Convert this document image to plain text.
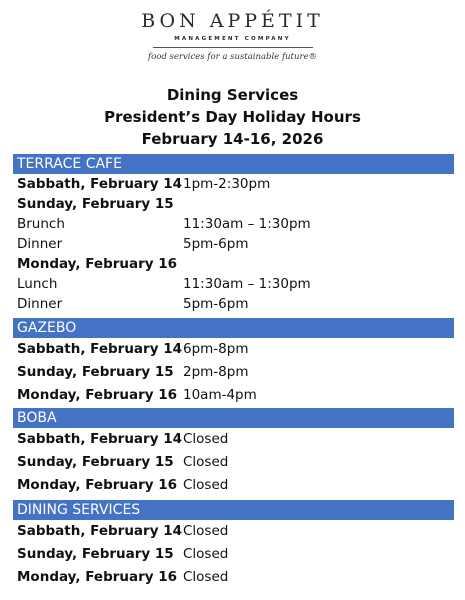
BON APPÉTIT
MANAGEMENT COMPANY
food services for a sustainable future®
Dining Services
President’s Day Holiday Hours
February 14-16, 2026
TERRACE CAFE
Sabbath, February 14 1pm-2:30pm
Sunday, February 15
Brunch	11:30am – 1:30pm
Dinner	5pm-6pm
Monday, February 16
Lunch	11:30am – 1:30pm
Dinner	5pm-6pm
GAZEBO
Sabbath, February 14 6pm-8pm
Sunday, February 15 2pm-8pm
Monday, February 16 10am-4pm
BOBA
Sabbath, February 14 Closed
Sunday, February 15 Closed
Monday, February 16 Closed
DINING SERVICES
Sabbath, February 14 Closed
Sunday, February 15 Closed
Monday, February 16 Closed
